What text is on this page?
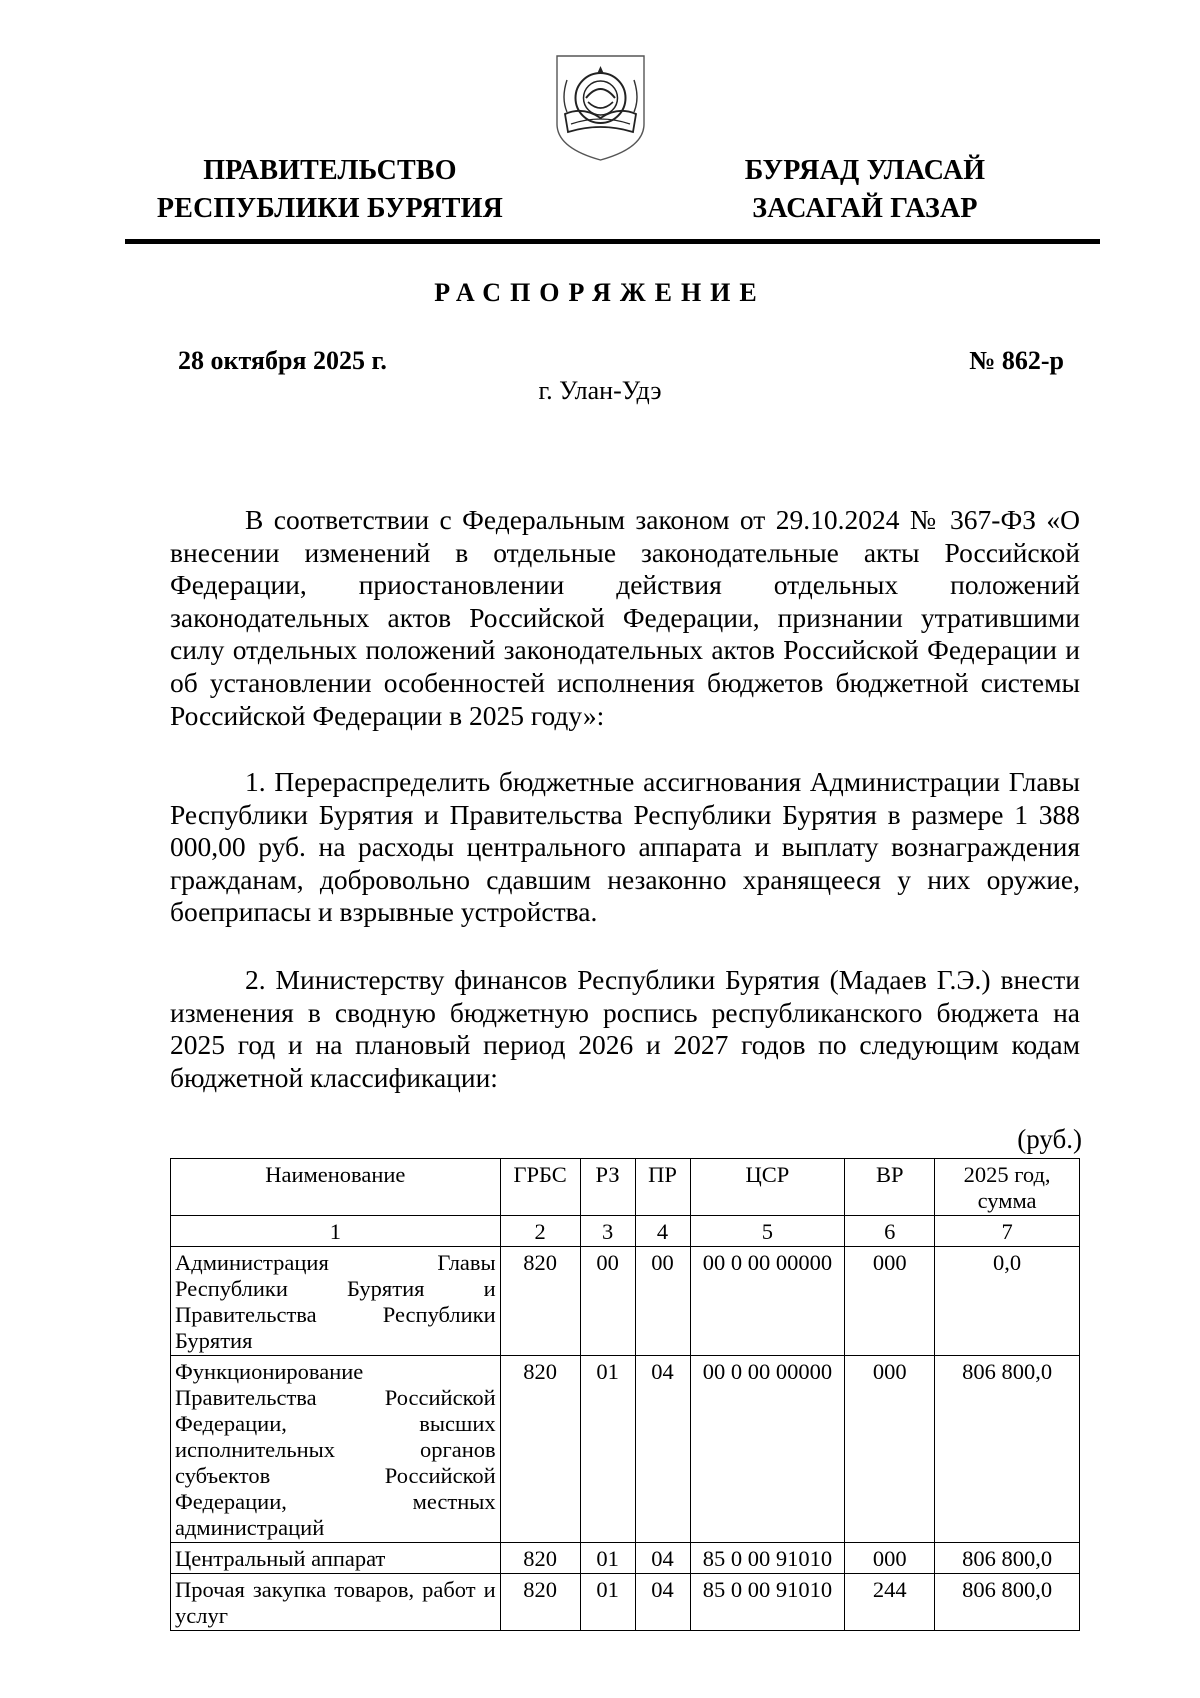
ПРАВИТЕЛЬСТВО
РЕСПУБЛИКИ БУРЯТИЯ
БУРЯАД УЛАСАЙ
ЗАСАГАЙ ГАЗАР
РАСПОРЯЖЕНИЕ
28 октября 2025 г.	№ 862-р
г. Улан-Удэ
В соответствии с Федеральным законом от 29.10.2024 № 367-ФЗ «О внесении изменений в отдельные законодательные акты Российской Федерации, приостановлении действия отдельных положений законодательных актов Российской Федерации, признании утратившими силу отдельных положений законодательных актов Российской Федерации и об установлении особенностей исполнения бюджетов бюджетной системы Российской Федерации в 2025 году»:
1. Перераспределить бюджетные ассигнования Администрации Главы Республики Бурятия и Правительства Республики Бурятия в размере 1 388 000,00 руб. на расходы центрального аппарата и выплату вознаграждения гражданам, добровольно сдавшим незаконно хранящееся у них оружие, боеприпасы и взрывные устройства.
2. Министерству финансов Республики Бурятия (Мадаев Г.Э.) внести изменения в сводную бюджетную роспись республиканского бюджета на 2025 год и на плановый период 2026 и 2027 годов по следующим кодам бюджетной классификации:
(руб.)
Наименование	ГРБС	РЗ	ПР	ЦСР	ВР	2025 год, сумма
1	2	3	4	5	6	7
Администрация Главы Республики Бурятия и Правительства Республики Бурятия	820	00	00	00 0 00 00000	000	0,0
Функционирование Правительства Российской Федерации, высших исполнительных органов субъектов Российской Федерации, местных администраций	820	01	04	00 0 00 00000	000	806 800,0
Центральный аппарат	820	01	04	85 0 00 91010	000	806 800,0
Прочая закупка товаров, работ и услуг	820	01	04	85 0 00 91010	244	806 800,0
